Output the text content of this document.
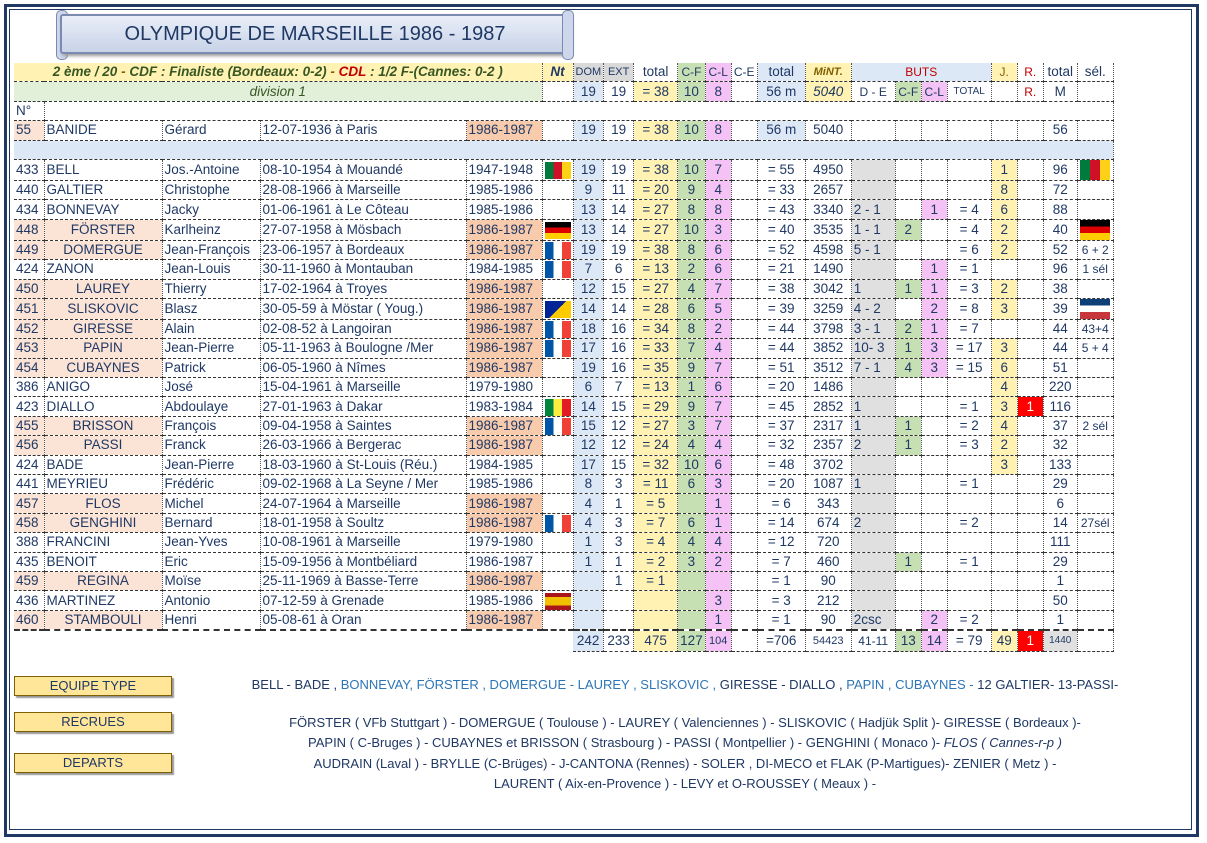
OLYMPIQUE DE MARSEILLE 1986 - 1987
2 ème / 20 - CDF : Finaliste (Bordeaux: 0-2) - CDL : 1/2 F-(Cannes: 0-2 )					Nt	DOM	EXT	total	C-F	C-L	C-E	total	MiNT.	BUTS				J.	R.	total	sél.
division 1						19	19	= 38	10	8		56 m	5040	D - E	C-F	C-L	TOTAL		R.	M	
N°																					
55	BANIDE	Gérard	12-07-1936 à Paris	1986-1987		19	19	= 38	10	8		56 m	5040							56	

433	BELL	Jos.-Antoine	08-10-1954 à Mouandé	1947-1948		19	19	= 38	10	7		= 55	4950					1		96	
440	GALTIER	Christophe	28-08-1966 à Marseille	1985-1986		9	11	= 20	9	4		= 33	2657					8		72	
434	BONNEVAY	Jacky	01-06-1961 à Le Côteau	1985-1986		13	14	= 27	8	8		= 43	3340	2 - 1		1	= 4	6		88	
448	FÖRSTER	Karlheinz	27-07-1958 à Mösbach	1986-1987		13	14	= 27	10	3		= 40	3535	1 - 1	2		= 4	2		40	
449	DOMERGUE	Jean-François	23-06-1957 à Bordeaux	1986-1987		19	19	= 38	8	6		= 52	4598	5 - 1			= 6	2		52	6 + 2
424	ZANON	Jean-Louis	30-11-1960 à Montauban	1984-1985		7	6	= 13	2	6		= 21	1490			1	= 1			96	1 sél
450	LAUREY	Thierry	17-02-1964 à Troyes	1986-1987		12	15	= 27	4	7		= 38	3042	1	1	1	= 3	2		38	
451	SLISKOVIC	Blasz	30-05-59 à Möstar ( Youg.)	1986-1987		14	14	= 28	6	5		= 39	3259	4 - 2		2	= 8	3		39	
452	GIRESSE	Alain	02-08-52 à Langoiran	1986-1987		18	16	= 34	8	2		= 44	3798	3 - 1	2	1	= 7			44	43+4
453	PAPIN	Jean-Pierre	05-11-1963 à Boulogne /Mer	1986-1987		17	16	= 33	7	4		= 44	3852	10- 3	1	3	= 17	3		44	5 + 4
454	CUBAYNES	Patrick	06-05-1960 à Nîmes	1986-1987		19	16	= 35	9	7		= 51	3512	7 - 1	4	3	= 15	6		51	
386	ANIGO	José	15-04-1961 à Marseille	1979-1980		6	7	= 13	1	6		= 20	1486					4		220	
423	DIALLO	Abdoulaye	27-01-1963 à Dakar	1983-1984		14	15	= 29	9	7		= 45	2852	1			= 1	3	1	116	
455	BRISSON	François	09-04-1958 à Saintes	1986-1987		15	12	= 27	3	7		= 37	2317	1	1		= 2	4		37	2 sél
456	PASSI	Franck	26-03-1966 à Bergerac	1986-1987		12	12	= 24	4	4		= 32	2357	2	1		= 3	2		32	
424	BADE	Jean-Pierre	18-03-1960 à St-Louis (Réu.)	1984-1985		17	15	= 32	10	6		= 48	3702					3		133	
441	MEYRIEU	Frédéric	09-02-1968 à La Seyne / Mer	1985-1986		8	3	= 11	6	3		= 20	1087	1			= 1			29	
457	FLOS	Michel	24-07-1964 à Marseille	1986-1987		4	1	= 5		1		= 6	343							6	
458	GENGHINI	Bernard	18-01-1958 à Soultz	1986-1987		4	3	= 7	6	1		= 14	674	2			= 2			14	27sél
388	FRANCINI	Jean-Yves	10-08-1961 à Marseille	1979-1980		1	3	= 4	4	4		= 12	720							111	
435	BENOIT	Eric	15-09-1956 à Montbéliard	1986-1987		1	1	= 2	3	2		= 7	460		1		= 1			29	
459	REGINA	Moïse	25-11-1969 à Basse-Terre	1986-1987			1	= 1				= 1	90							1	
436	MARTINEZ	Antonio	07-12-59 à Grenade	1985-1986						3		= 3	212							50	
460	STAMBOULI	Henri	05-08-61 à Oran	1986-1987						1		= 1	90	2csc		2	= 2			1	
						242	233	475	127	104		=706	54423	41-11	13	14	= 79	49	1	1440	
EQUIPE TYPE
RECRUES
DEPARTS
BELL - BADE , BONNEVAY, FÖRSTER , DOMERGUE - LAUREY , SLISKOVIC , GIRESSE - DIALLO , PAPIN , CUBAYNES - 12 GALTIER- 13-PASSI-
FÖRSTER ( VFb Stuttgart ) - DOMERGUE ( Toulouse ) - LAUREY ( Valenciennes ) - SLISKOVIC ( Hadjük Split )- GIRESSE ( Bordeaux )-
PAPIN ( C-Bruges ) - CUBAYNES et BRISSON ( Strasbourg ) - PASSI ( Montpellier ) - GENGHINI ( Monaco )- FLOS ( Cannes-r-p )
AUDRAIN (Laval ) - BRYLLE (C-Brüges) - J-CANTONA (Rennes) - SOLER , DI-MECO et FLAK (P-Martigues)- ZENIER ( Metz ) -
LAURENT ( Aix-en-Provence ) - LEVY et O-ROUSSEY ( Meaux ) -
